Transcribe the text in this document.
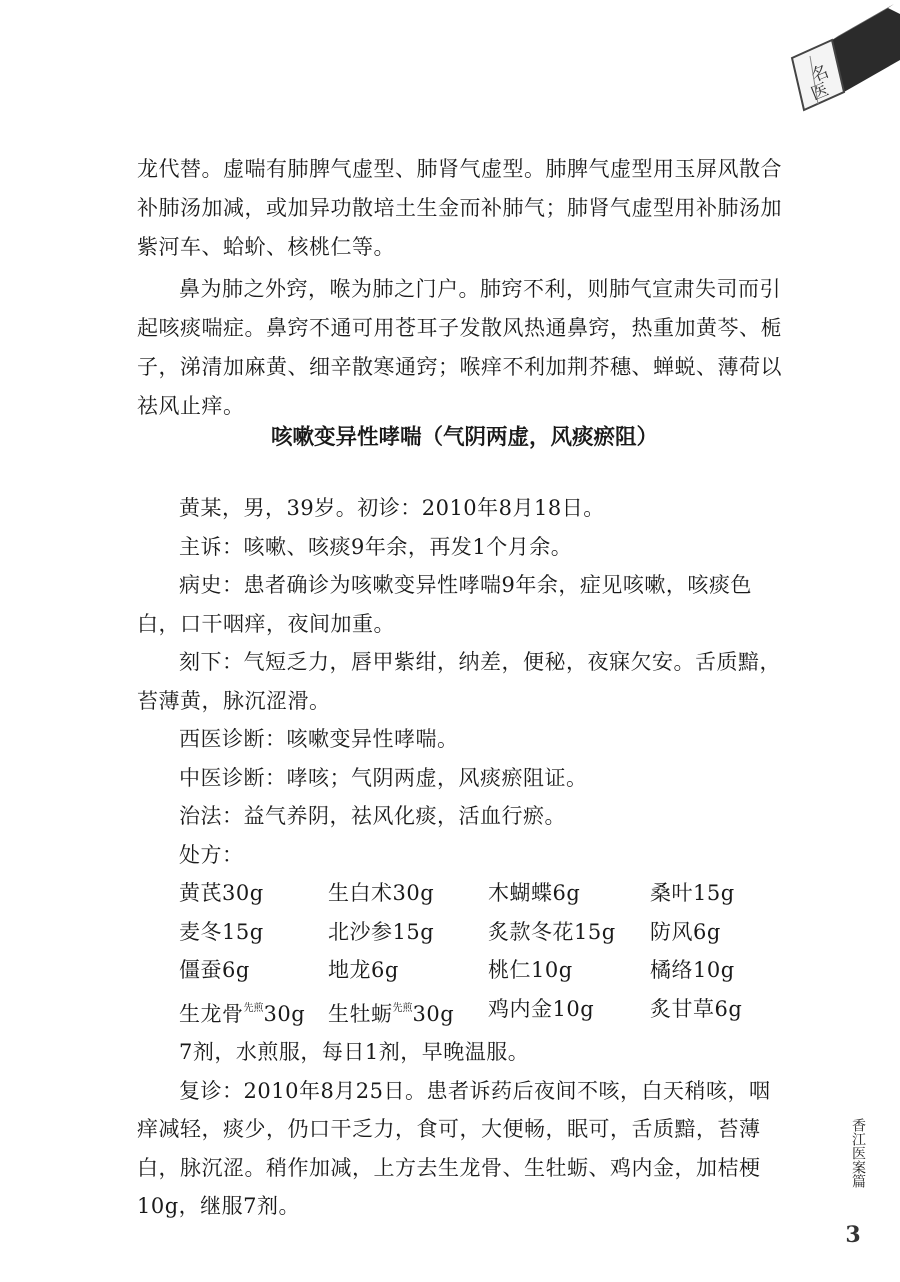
名
医

龙代替。虚喘有肺脾气虚型、肺肾气虚型。肺脾气虚型用玉屏风散合补肺汤加减，或加异功散培土生金而补肺气；肺肾气虚型用补肺汤加紫河车、蛤蚧、核桃仁等。

鼻为肺之外窍，喉为肺之门户。肺窍不利，则肺气宣肃失司而引起咳痰喘症。鼻窍不通可用苍耳子发散风热通鼻窍，热重加黄芩、栀子，涕清加麻黄、细辛散寒通窍；喉痒不利加荆芥穗、蝉蜕、薄荷以祛风止痒。

咳嗽变异性哮喘（气阴两虚，风痰瘀阻）

黄某，男，39岁。初诊：2010年8月18日。

主诉：咳嗽、咳痰9年余，再发1个月余。

病史：患者确诊为咳嗽变异性哮喘9年余，症见咳嗽，咳痰色白，口干咽痒，夜间加重。

刻下：气短乏力，唇甲紫绀，纳差，便秘，夜寐欠安。舌质黯，苔薄黄，脉沉涩滑。

西医诊断：咳嗽变异性哮喘。

中医诊断：哮咳；气阴两虚，风痰瘀阻证。

治法：益气养阴，祛风化痰，活血行瘀。

处方：

黄芪30g	生白术30g	木蝴蝶6g	桑叶15g
麦冬15g	北沙参15g	炙款冬花15g	防风6g
僵蚕6g	地龙6g	桃仁10g	橘络10g
生龙骨$^{先煎}$30g	生牡蛎$^{先煎}$30g	鸡内金10g	炙甘草6g

7剂，水煎服，每日1剂，早晚温服。

复诊：2010年8月25日。患者诉药后夜间不咳，白天稍咳，咽痒减轻，痰少，仍口干乏力，食可，大便畅，眠可，舌质黯，苔薄白，脉沉涩。稍作加减，上方去生龙骨、生牡蛎、鸡内金，加桔梗10g，继服7剂。

香江医案篇
3
